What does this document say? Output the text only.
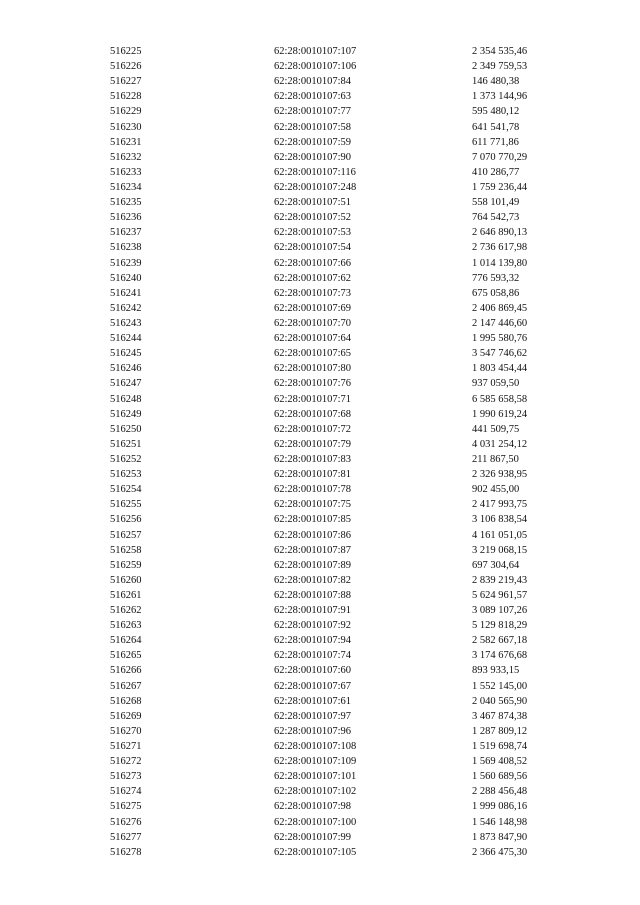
516225	62:28:0010107:107	2 354 535,46
516226	62:28:0010107:106	2 349 759,53
516227	62:28:0010107:84	146 480,38
516228	62:28:0010107:63	1 373 144,96
516229	62:28:0010107:77	595 480,12
516230	62:28:0010107:58	641 541,78
516231	62:28:0010107:59	611 771,86
516232	62:28:0010107:90	7 070 770,29
516233	62:28:0010107:116	410 286,77
516234	62:28:0010107:248	1 759 236,44
516235	62:28:0010107:51	558 101,49
516236	62:28:0010107:52	764 542,73
516237	62:28:0010107:53	2 646 890,13
516238	62:28:0010107:54	2 736 617,98
516239	62:28:0010107:66	1 014 139,80
516240	62:28:0010107:62	776 593,32
516241	62:28:0010107:73	675 058,86
516242	62:28:0010107:69	2 406 869,45
516243	62:28:0010107:70	2 147 446,60
516244	62:28:0010107:64	1 995 580,76
516245	62:28:0010107:65	3 547 746,62
516246	62:28:0010107:80	1 803 454,44
516247	62:28:0010107:76	937 059,50
516248	62:28:0010107:71	6 585 658,58
516249	62:28:0010107:68	1 990 619,24
516250	62:28:0010107:72	441 509,75
516251	62:28:0010107:79	4 031 254,12
516252	62:28:0010107:83	211 867,50
516253	62:28:0010107:81	2 326 938,95
516254	62:28:0010107:78	902 455,00
516255	62:28:0010107:75	2 417 993,75
516256	62:28:0010107:85	3 106 838,54
516257	62:28:0010107:86	4 161 051,05
516258	62:28:0010107:87	3 219 068,15
516259	62:28:0010107:89	697 304,64
516260	62:28:0010107:82	2 839 219,43
516261	62:28:0010107:88	5 624 961,57
516262	62:28:0010107:91	3 089 107,26
516263	62:28:0010107:92	5 129 818,29
516264	62:28:0010107:94	2 582 667,18
516265	62:28:0010107:74	3 174 676,68
516266	62:28:0010107:60	893 933,15
516267	62:28:0010107:67	1 552 145,00
516268	62:28:0010107:61	2 040 565,90
516269	62:28:0010107:97	3 467 874,38
516270	62:28:0010107:96	1 287 809,12
516271	62:28:0010107:108	1 519 698,74
516272	62:28:0010107:109	1 569 408,52
516273	62:28:0010107:101	1 560 689,56
516274	62:28:0010107:102	2 288 456,48
516275	62:28:0010107:98	1 999 086,16
516276	62:28:0010107:100	1 546 148,98
516277	62:28:0010107:99	1 873 847,90
516278	62:28:0010107:105	2 366 475,30
